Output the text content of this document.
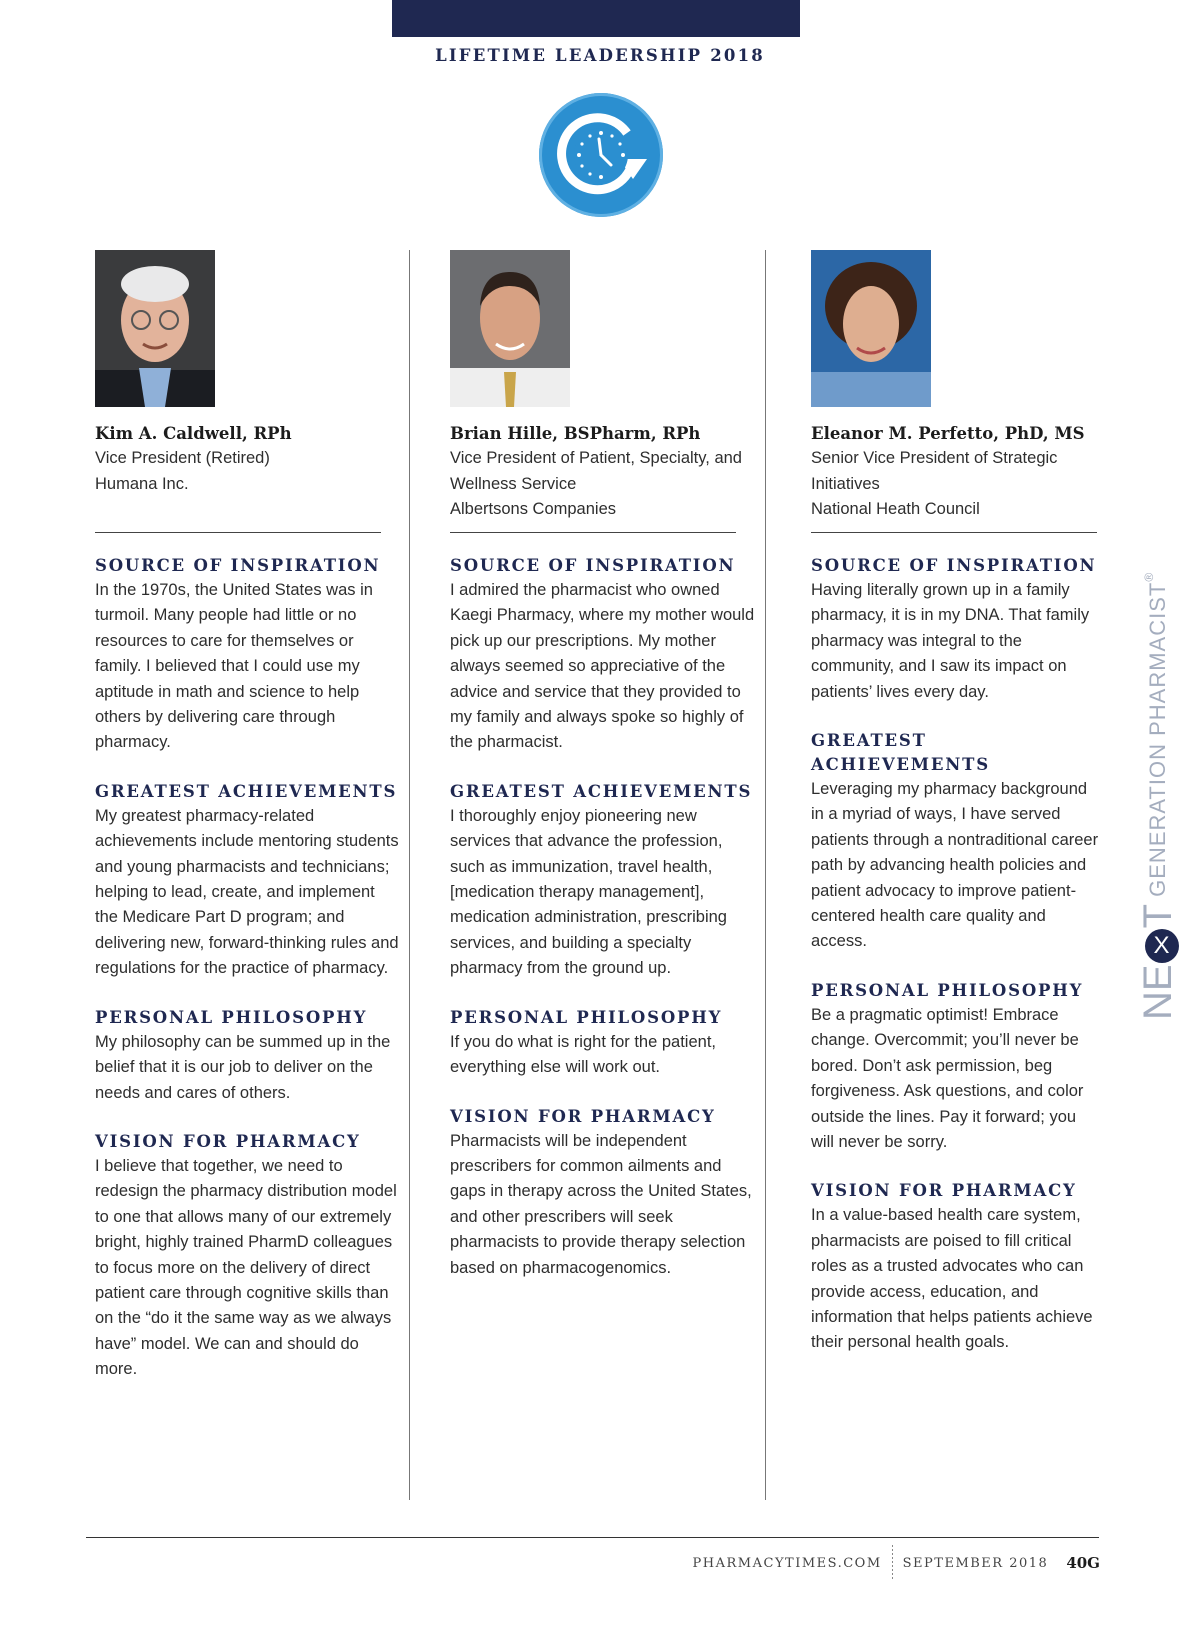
LIFETIME LEADERSHIP 2018
Kim A. Caldwell, RPh
Vice President (Retired)
Humana Inc.
SOURCE OF INSPIRATION

In the 1970s, the United States was in turmoil. Many people had little or no resources to care for themselves or family. I believed that I could use my aptitude in math and science to help others by delivering care through pharmacy.

GREATEST ACHIEVEMENTS

My greatest pharmacy-related achievements include mentoring students and young pharmacists and technicians; helping to lead, create, and implement the Medicare Part D program; and delivering new, forward-thinking rules and regulations for the practice of pharmacy.

PERSONAL PHILOSOPHY

My philosophy can be summed up in the belief that it is our job to deliver on the needs and cares of others.

VISION FOR PHARMACY

I believe that together, we need to redesign the pharmacy distribution model to one that allows many of our extremely bright, highly trained PharmD colleagues to focus more on the delivery of direct patient care through cognitive skills than on the “do it the same way as we always have” model. We can and should do more.

Brian Hille, BSPharm, RPh
Vice President of Patient, Specialty, and Wellness Service
Albertsons Companies
SOURCE OF INSPIRATION

I admired the pharmacist who owned Kaegi Pharmacy, where my mother would pick up our prescriptions. My mother always seemed so appreciative of the advice and service that they provided to my family and always spoke so highly of the pharmacist.

GREATEST ACHIEVEMENTS

I thoroughly enjoy pioneering new services that advance the profession, such as immunization, travel health, [medication therapy management], medication administration, prescribing services, and building a specialty pharmacy from the ground up.

PERSONAL PHILOSOPHY

If you do what is right for the patient, everything else will work out.

VISION FOR PHARMACY

Pharmacists will be independent prescribers for common ailments and gaps in therapy across the United States, and other prescribers will seek pharmacists to provide therapy selection based on pharmacogenomics.

Eleanor M. Perfetto, PhD, MS
Senior Vice President of Strategic Initiatives
National Heath Council
SOURCE OF INSPIRATION

Having literally grown up in a family pharmacy, it is in my DNA. That family pharmacy was integral to the community, and I saw its impact on patients’ lives every day.

GREATEST ACHIEVEMENTS

Leveraging my pharmacy background in a myriad of ways, I have served patients through a nontraditional career path by advancing health policies and patient advocacy to improve patient-centered health care quality and access.

PERSONAL PHILOSOPHY

Be a pragmatic optimist! Embrace change. Overcommit; you’ll never be bored. Don’t ask permission, beg forgiveness. Ask questions, and color outside the lines. Pay it forward; you will never be sorry.

VISION FOR PHARMACY

In a value-based health care system, pharmacists are poised to fill critical roles as a trusted advocates who can provide access, education, and information that helps patients achieve their personal health goals.

NEXT GENERATION PHARMACIST®
PHARMACYTIMES.COM SEPTEMBER 2018 40G
